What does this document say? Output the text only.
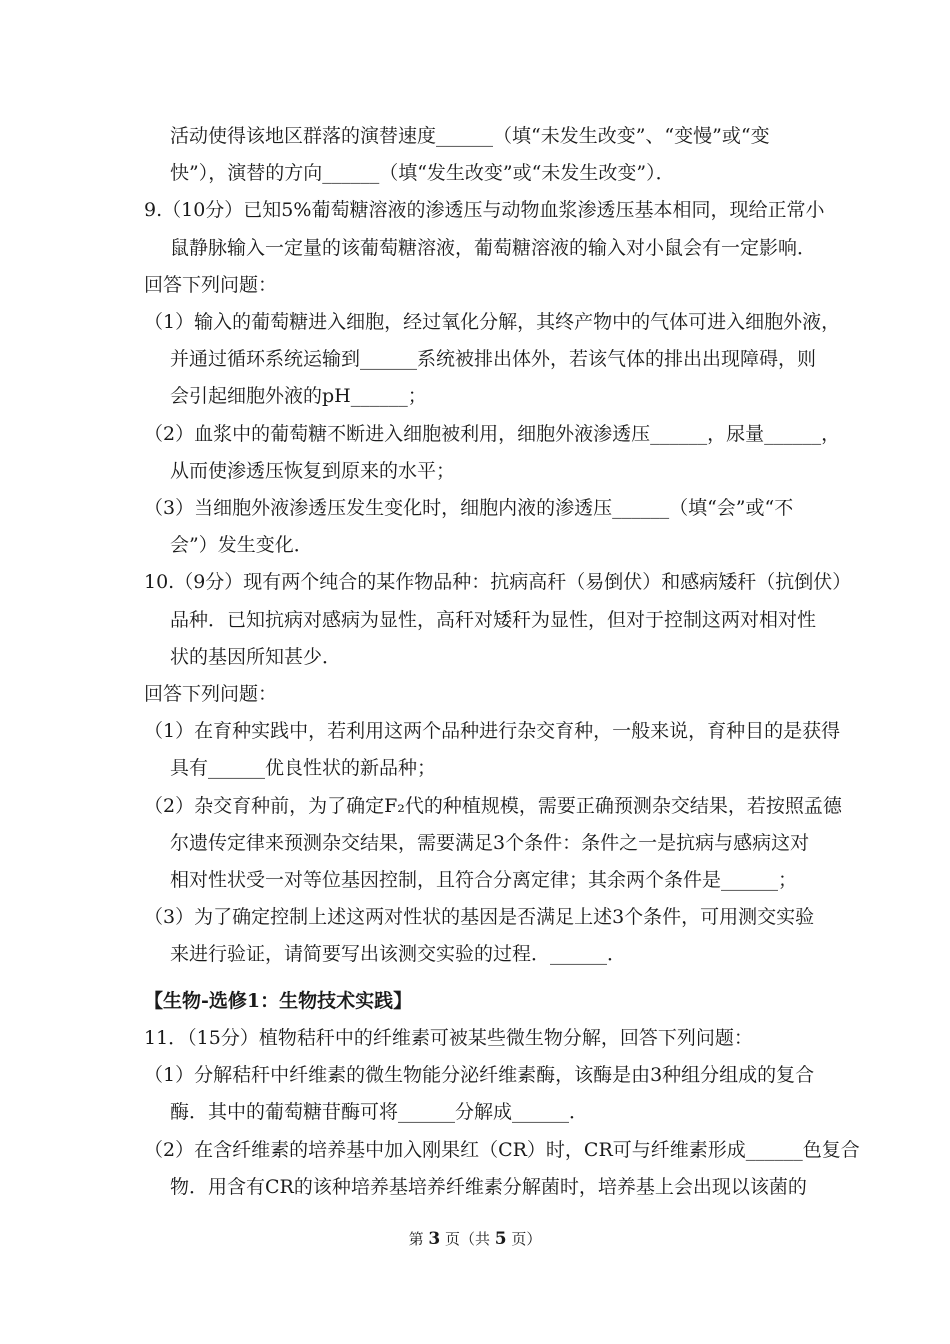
活动使得该地区群落的演替速度______（填“未发生改变”、“变慢”或“变
快”），演替的方向______（填“发生改变”或“未发生改变”）．
9.（10分）已知5%葡萄糖溶液的渗透压与动物血浆渗透压基本相同，现给正常小
鼠静脉输入一定量的该葡萄糖溶液，葡萄糖溶液的输入对小鼠会有一定影响．
回答下列问题：
（1）输入的葡萄糖进入细胞，经过氧化分解，其终产物中的气体可进入细胞外液，
并通过循环系统运输到______系统被排出体外，若该气体的排出出现障碍，则
会引起细胞外液的pH______；
（2）血浆中的葡萄糖不断进入细胞被利用，细胞外液渗透压______，尿量______，
从而使渗透压恢复到原来的水平；
（3）当细胞外液渗透压发生变化时，细胞内液的渗透压______（填“会”或“不
会”）发生变化．
10.（9分）现有两个纯合的某作物品种：抗病高秆（易倒伏）和感病矮秆（抗倒伏）
品种．已知抗病对感病为显性，高秆对矮秆为显性，但对于控制这两对相对性
状的基因所知甚少．
回答下列问题：
（1）在育种实践中，若利用这两个品种进行杂交育种，一般来说，育种目的是获得
具有______优良性状的新品种；
（2）杂交育种前，为了确定F₂代的种植规模，需要正确预测杂交结果，若按照孟德
尔遗传定律来预测杂交结果，需要满足3个条件：条件之一是抗病与感病这对
相对性状受一对等位基因控制，且符合分离定律；其余两个条件是______；
（3）为了确定控制上述这两对性状的基因是否满足上述3个条件，可用测交实验
来进行验证，请简要写出该测交实验的过程．______．
【生物-选修1：生物技术实践】
11．（15分）植物秸秆中的纤维素可被某些微生物分解，回答下列问题：
（1）分解秸秆中纤维素的微生物能分泌纤维素酶，该酶是由3种组分组成的复合
酶．其中的葡萄糖苷酶可将______分解成______．
（2）在含纤维素的培养基中加入刚果红（CR）时，CR可与纤维素形成______色复合
物．用含有CR的该种培养基培养纤维素分解菌时，培养基上会出现以该菌的
第 3 页（共 5 页）
